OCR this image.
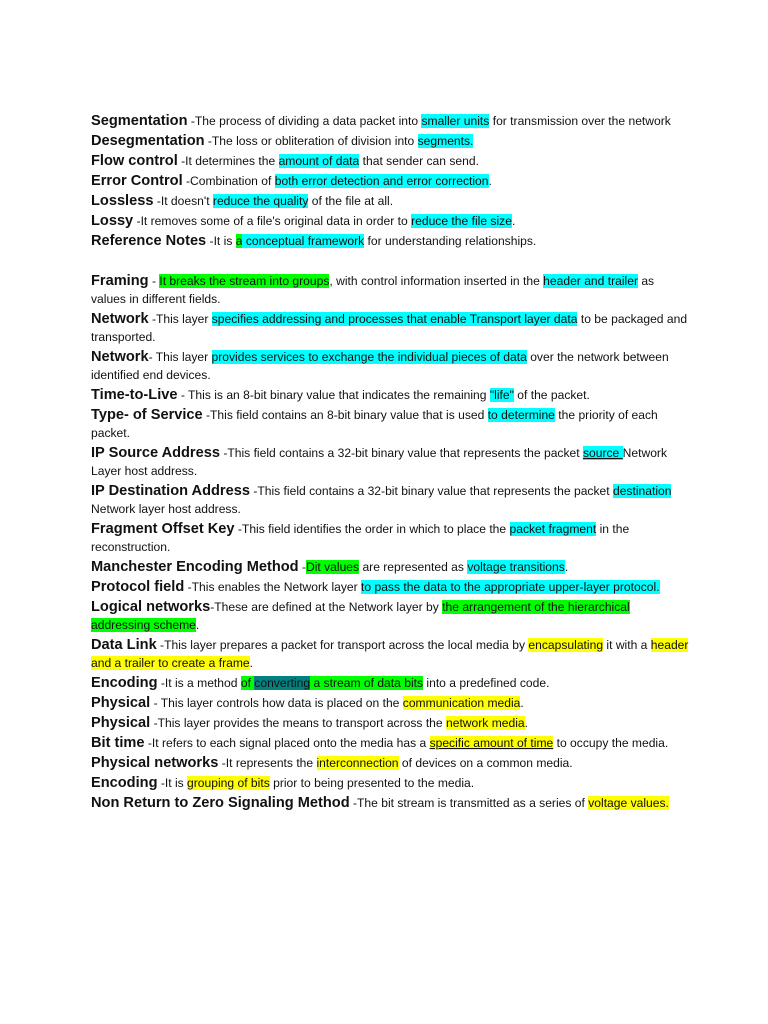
Segmentation -The process of dividing a data packet into smaller units for transmission over the network
Desegmentation -The loss or obliteration of division into segments.
Flow control -It determines the amount of data that sender can send.
Error Control -Combination of both error detection and error correction.
Lossless -It doesn't reduce the quality of the file at all.
Lossy -It removes some of a file's original data in order to reduce the file size.
Reference Notes -It is a conceptual framework for understanding relationships.
Framing - It breaks the stream into groups, with control information inserted in the header and trailer as values in different fields.
Network -This layer specifies addressing and processes that enable Transport layer data to be packaged and transported.
Network- This layer provides services to exchange the individual pieces of data over the network between identified end devices.
Time-to-Live - This is an 8-bit binary value that indicates the remaining "life" of the packet.
Type- of Service -This field contains an 8-bit binary value that is used to determine the priority of each packet.
IP Source Address -This field contains a 32-bit binary value that represents the packet source Network Layer host address.
IP Destination Address -This field contains a 32-bit binary value that represents the packet destination Network layer host address.
Fragment Offset Key -This field identifies the order in which to place the packet fragment in the reconstruction.
Manchester Encoding Method -Dit values are represented as voltage transitions.
Protocol field -This enables the Network layer to pass the data to the appropriate upper-layer protocol.
Logical networks-These are defined at the Network layer by the arrangement of the hierarchical addressing scheme.
Data Link -This layer prepares a packet for transport across the local media by encapsulating it with a header and a trailer to create a frame.
Encoding -It is a method of converting a stream of data bits into a predefined code.
Physical - This layer controls how data is placed on the communication media.
Physical -This layer provides the means to transport across the network media.
Bit time -It refers to each signal placed onto the media has a specific amount of time to occupy the media.
Physical networks -It represents the interconnection of devices on a common media.
Encoding -It is grouping of bits prior to being presented to the media.
Non Return to Zero Signaling Method -The bit stream is transmitted as a series of voltage values.
